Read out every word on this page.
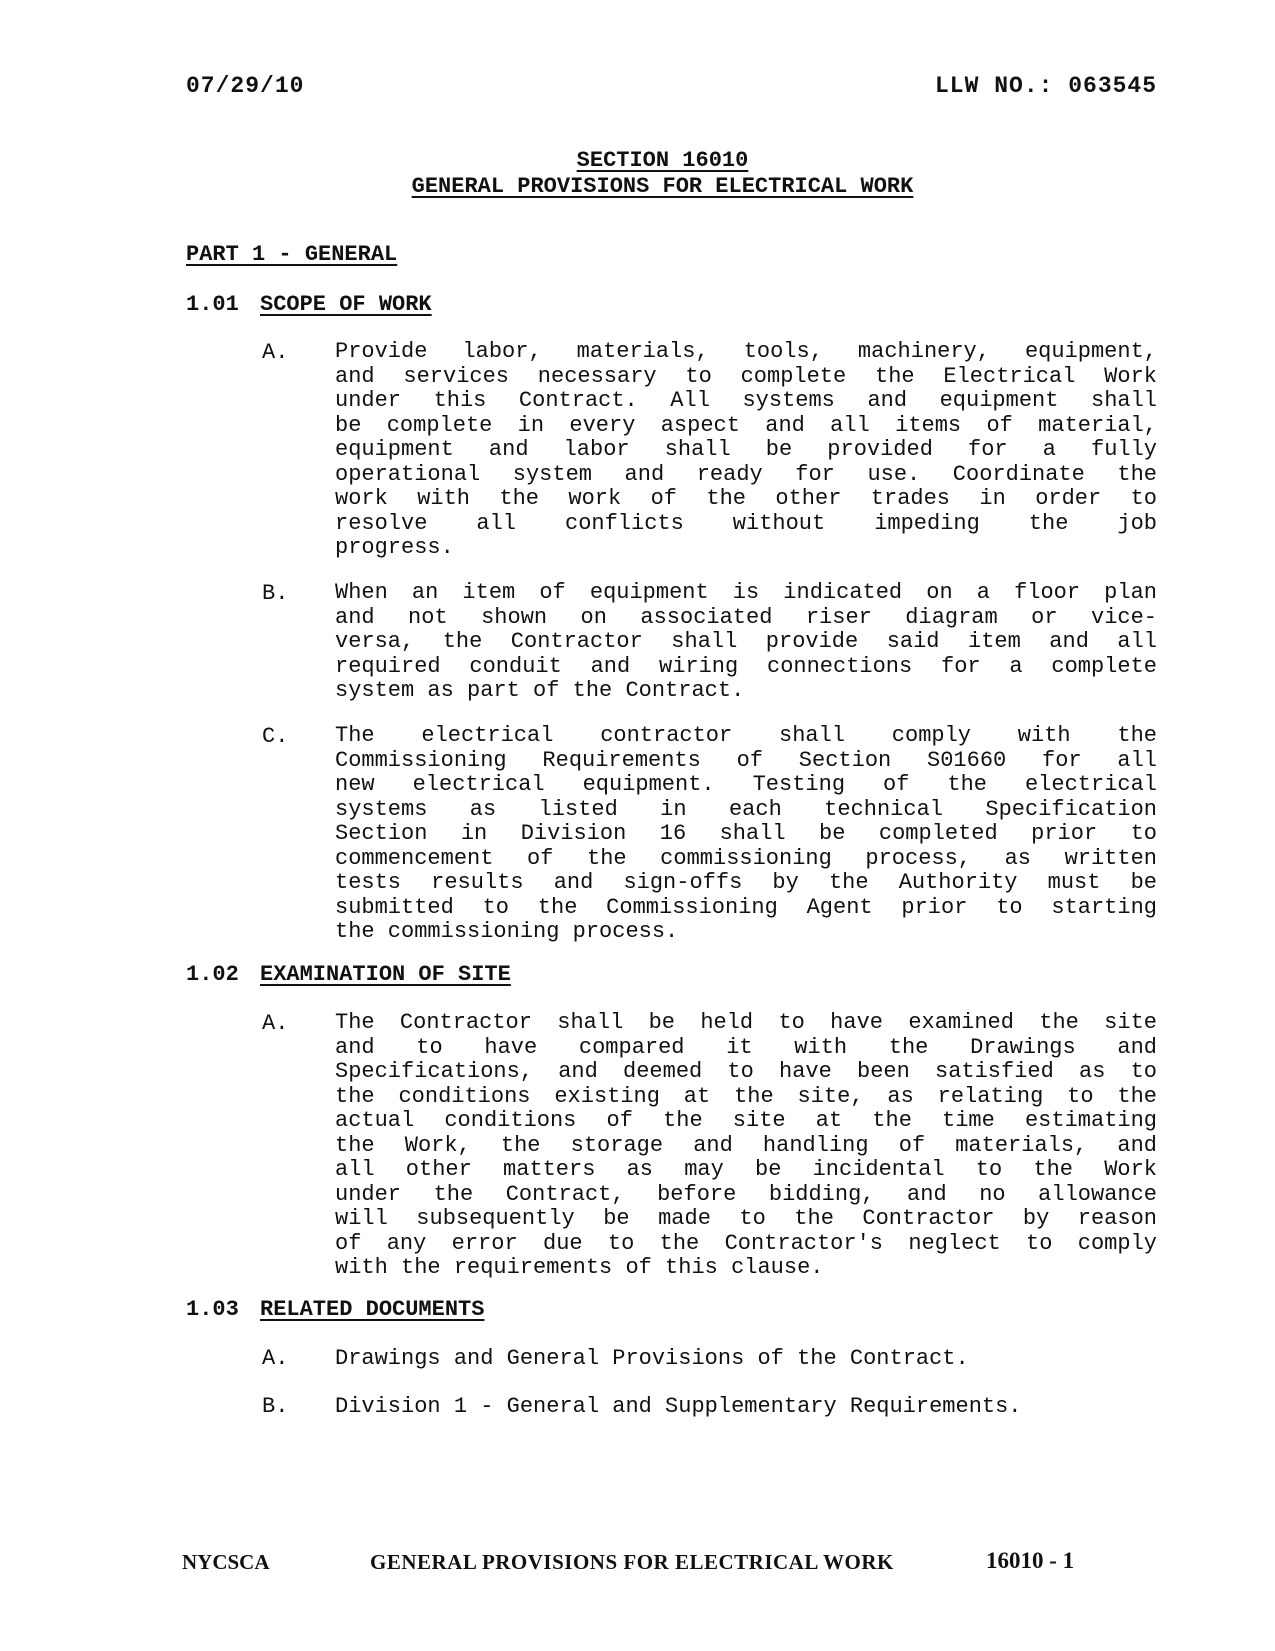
07/29/10	LLW NO.: 063545
SECTION 16010
GENERAL PROVISIONS FOR ELECTRICAL WORK
PART 1 - GENERAL
1.01 SCOPE OF WORK
A. Provide labor, materials, tools, machinery, equipment,
and services necessary to complete the Electrical Work
under this Contract. All systems and equipment shall
be complete in every aspect and all items of material,
equipment and labor shall be provided for a fully
operational system and ready for use. Coordinate the
work with the work of the other trades in order to
resolve all conflicts without impeding the job
progress.
B. When an item of equipment is indicated on a floor plan
and not shown on associated riser diagram or vice-
versa, the Contractor shall provide said item and all
required conduit and wiring connections for a complete
system as part of the Contract.
C. The electrical contractor shall comply with the
Commissioning Requirements of Section S01660 for all
new electrical equipment. Testing of the electrical
systems as listed in each technical Specification
Section in Division 16 shall be completed prior to
commencement of the commissioning process, as written
tests results and sign-offs by the Authority must be
submitted to the Commissioning Agent prior to starting
the commissioning process.
1.02 EXAMINATION OF SITE
A. The Contractor shall be held to have examined the site
and to have compared it with the Drawings and
Specifications, and deemed to have been satisfied as to
the conditions existing at the site, as relating to the
actual conditions of the site at the time estimating
the Work, the storage and handling of materials, and
all other matters as may be incidental to the Work
under the Contract, before bidding, and no allowance
will subsequently be made to the Contractor by reason
of any error due to the Contractor's neglect to comply
with the requirements of this clause.
1.03 RELATED DOCUMENTS
A. Drawings and General Provisions of the Contract.
B. Division 1 - General and Supplementary Requirements.
NYCSCA	GENERAL PROVISIONS FOR ELECTRICAL WORK	16010 - 1
